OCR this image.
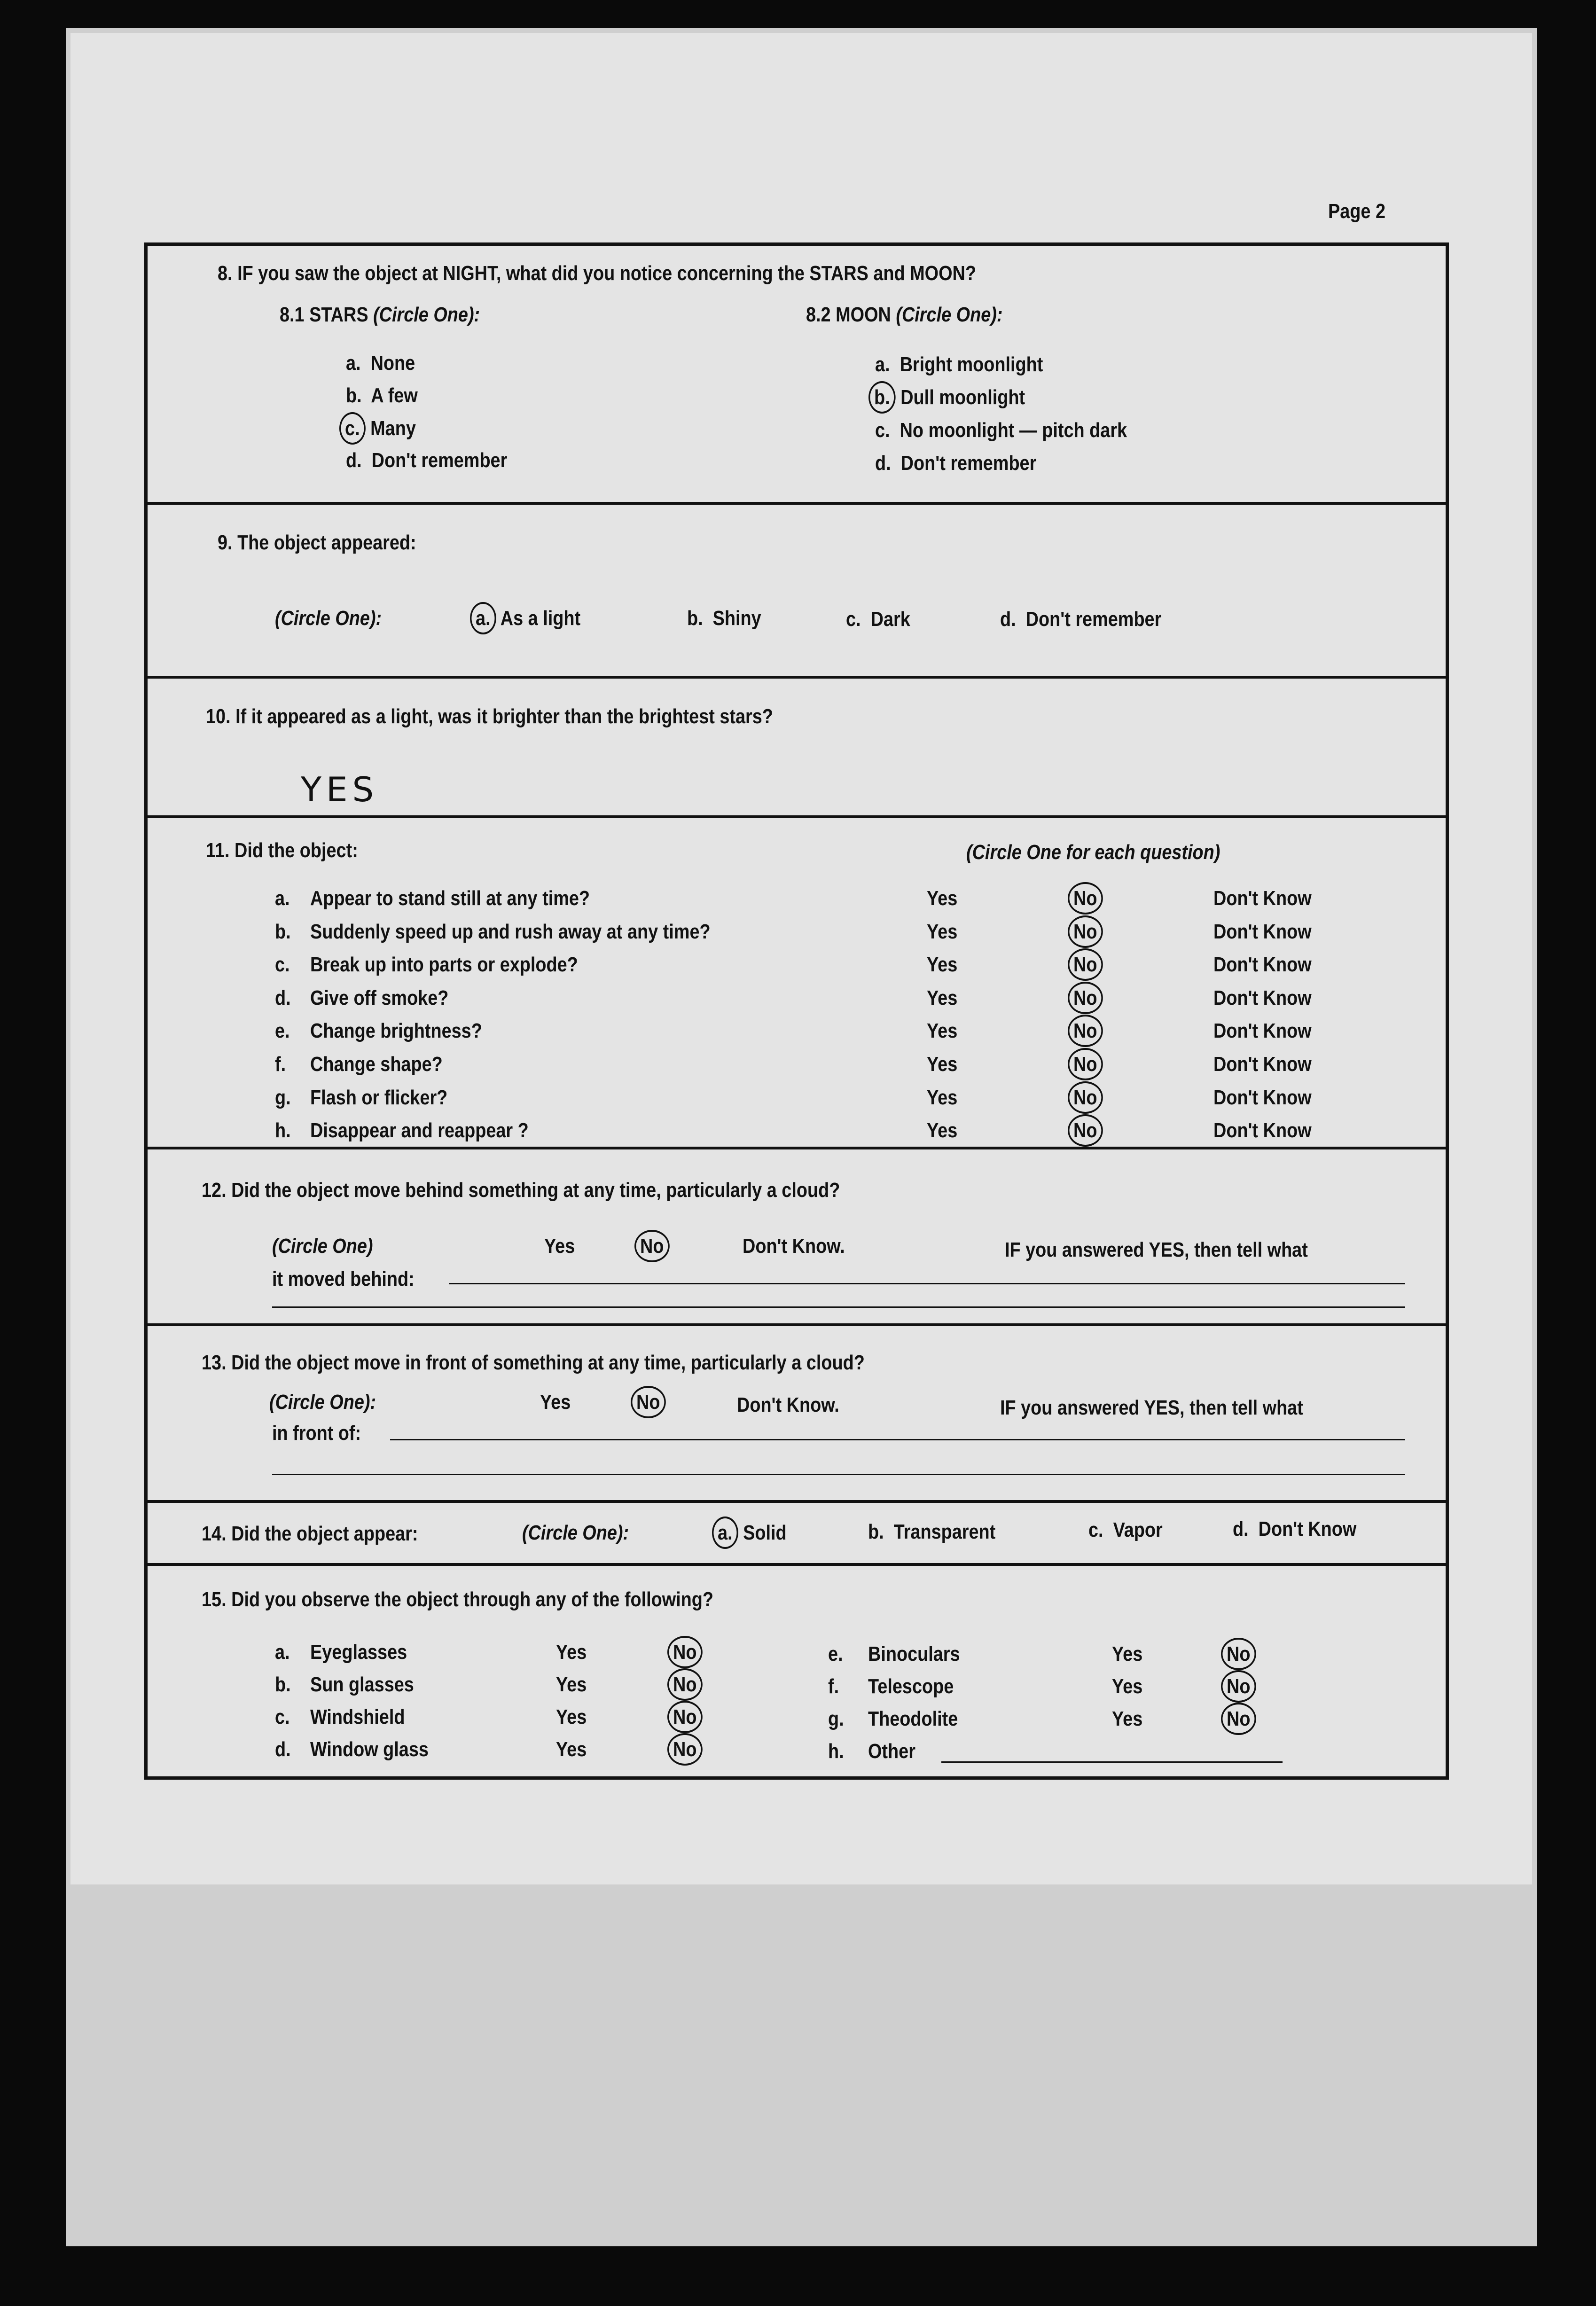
Page 2
8. IF you saw the object at NIGHT, what did you notice concerning the STARS and MOON?
8.1 STARS (Circle One):	8.2 MOON (Circle One):
a. None
b. A few
c. Many
d. Don't remember
a. Bright moonlight
b. Dull moonlight
c. No moonlight — pitch dark
d. Don't remember
9. The object appeared:
(Circle One):	a. As a light	b. Shiny	c. Dark	d. Don't remember
10. If it appeared as a light, was it brighter than the brightest stars?
YES
11. Did the object:	(Circle One for each question)
a. Appear to stand still at any time?	Yes	No	Don't Know
b. Suddenly speed up and rush away at any time?	Yes	No	Don't Know
c. Break up into parts or explode?	Yes	No	Don't Know
d. Give off smoke?	Yes	No	Don't Know
e. Change brightness?	Yes	No	Don't Know
f. Change shape?	Yes	No	Don't Know
g. Flash or flicker?	Yes	No	Don't Know
h. Disappear and reappear ?	Yes	No	Don't Know
12. Did the object move behind something at any time, particularly a cloud?
(Circle One)	Yes	No	Don't Know.	IF you answered YES, then tell what
it moved behind:
13. Did the object move in front of something at any time, particularly a cloud?
(Circle One):	Yes	No	Don't Know.	IF you answered YES, then tell what
in front of:
14. Did the object appear:	(Circle One):	a. Solid	b. Transparent	c. Vapor	d. Don't Know
15. Did you observe the object through any of the following?
a. Eyeglasses	Yes	No
b. Sun glasses	Yes	No
c. Windshield	Yes	No
d. Window glass	Yes	No
e. Binoculars	Yes	No
f. Telescope	Yes	No
g. Theodolite	Yes	No
h. Other
